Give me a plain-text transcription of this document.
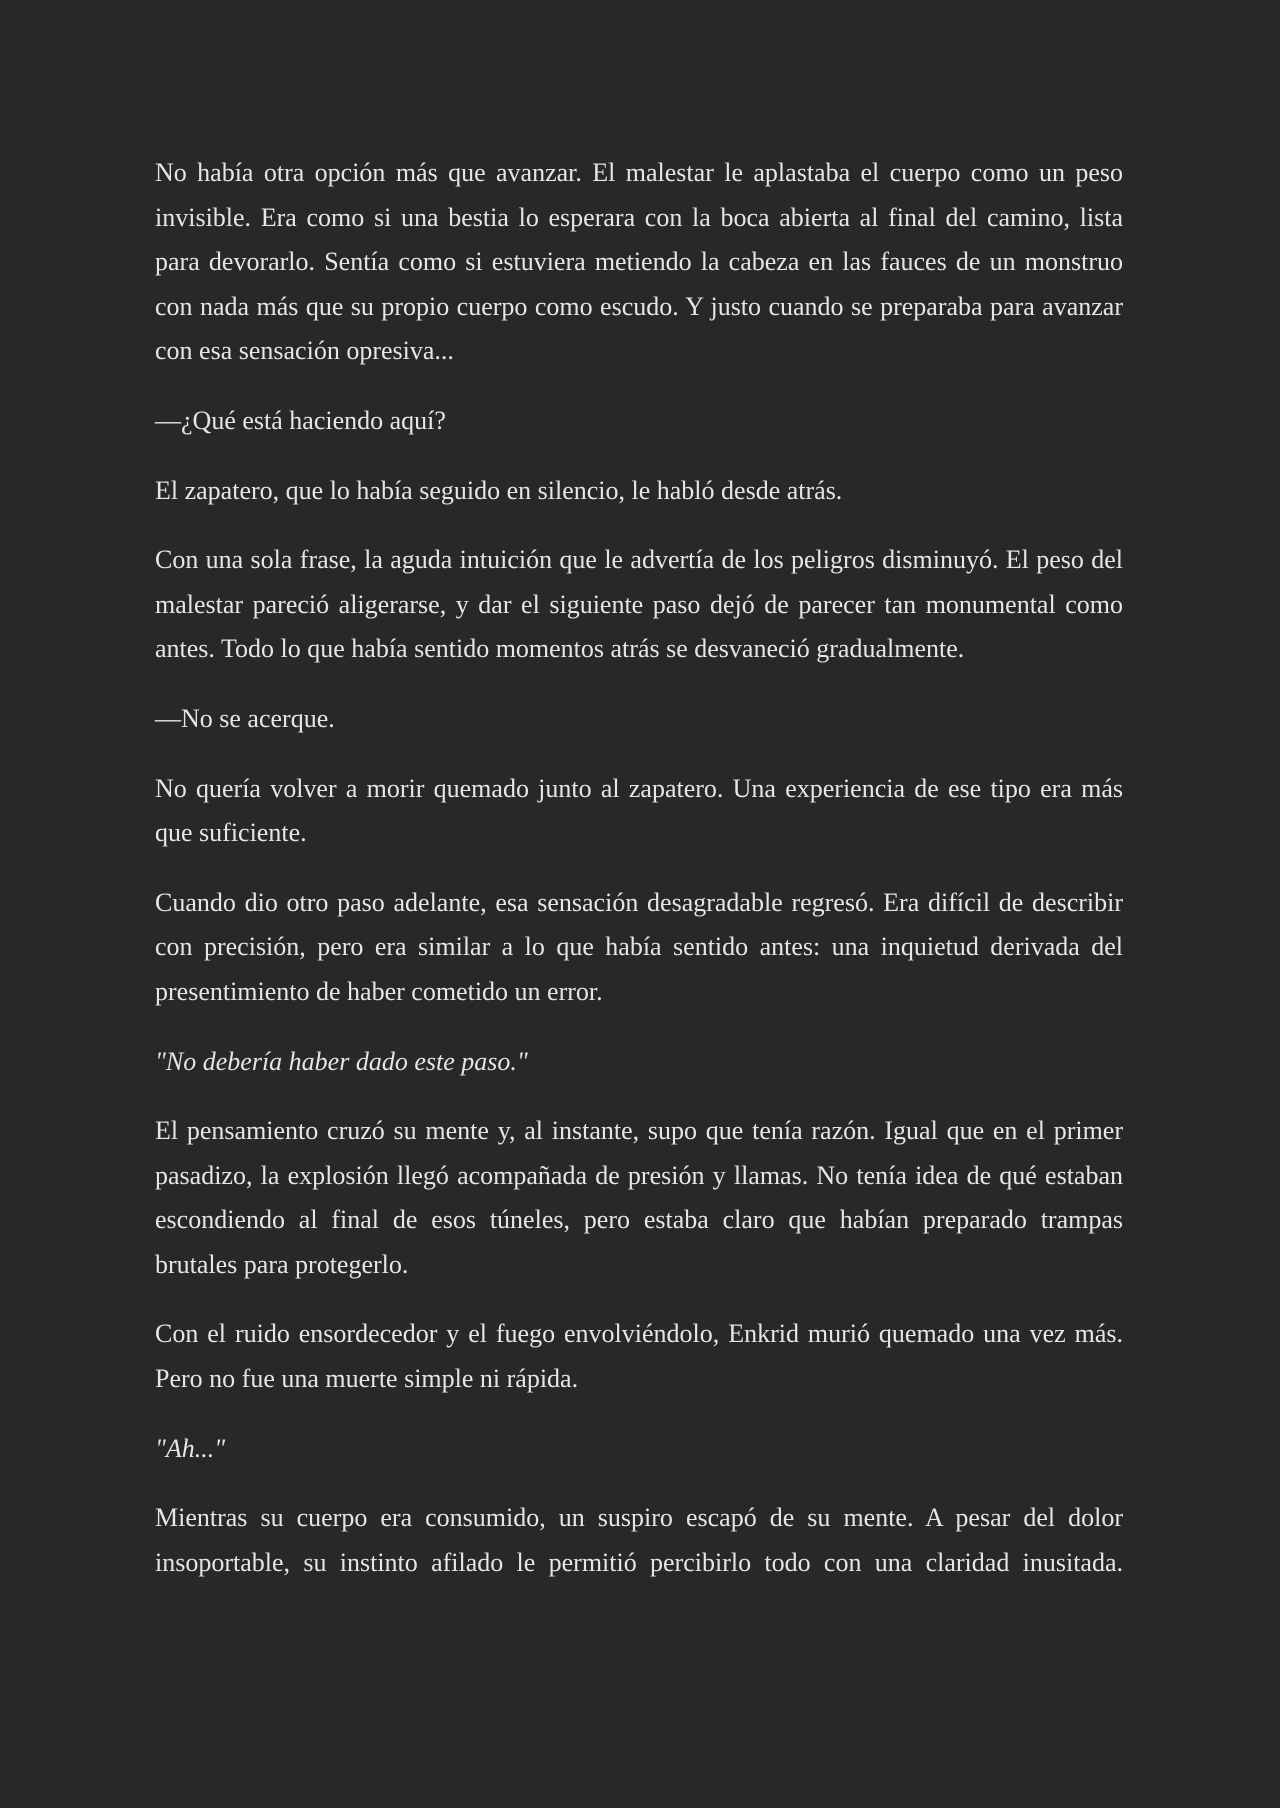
No había otra opción más que avanzar. El malestar le aplastaba el cuerpo como un peso invisible. Era como si una bestia lo esperara con la boca abierta al final del camino, lista para devorarlo. Sentía como si estuviera metiendo la cabeza en las fauces de un monstruo con nada más que su propio cuerpo como escudo. Y justo cuando se preparaba para avanzar con esa sensación opresiva...

—¿Qué está haciendo aquí?

El zapatero, que lo había seguido en silencio, le habló desde atrás.

Con una sola frase, la aguda intuición que le advertía de los peligros disminuyó. El peso del malestar pareció aligerarse, y dar el siguiente paso dejó de parecer tan monumental como antes. Todo lo que había sentido momentos atrás se desvaneció gradualmente.

—No se acerque.

No quería volver a morir quemado junto al zapatero. Una experiencia de ese tipo era más que suficiente.

Cuando dio otro paso adelante, esa sensación desagradable regresó. Era difícil de describir con precisión, pero era similar a lo que había sentido antes: una inquietud derivada del presentimiento de haber cometido un error.

"No debería haber dado este paso."

El pensamiento cruzó su mente y, al instante, supo que tenía razón. Igual que en el primer pasadizo, la explosión llegó acompañada de presión y llamas. No tenía idea de qué estaban escondiendo al final de esos túneles, pero estaba claro que habían preparado trampas brutales para protegerlo.

Con el ruido ensordecedor y el fuego envolviéndolo, Enkrid murió quemado una vez más. Pero no fue una muerte simple ni rápida.

"Ah..."

Mientras su cuerpo era consumido, un suspiro escapó de su mente. A pesar del dolor insoportable, su instinto afilado le permitió percibirlo todo con una claridad inusitada.
